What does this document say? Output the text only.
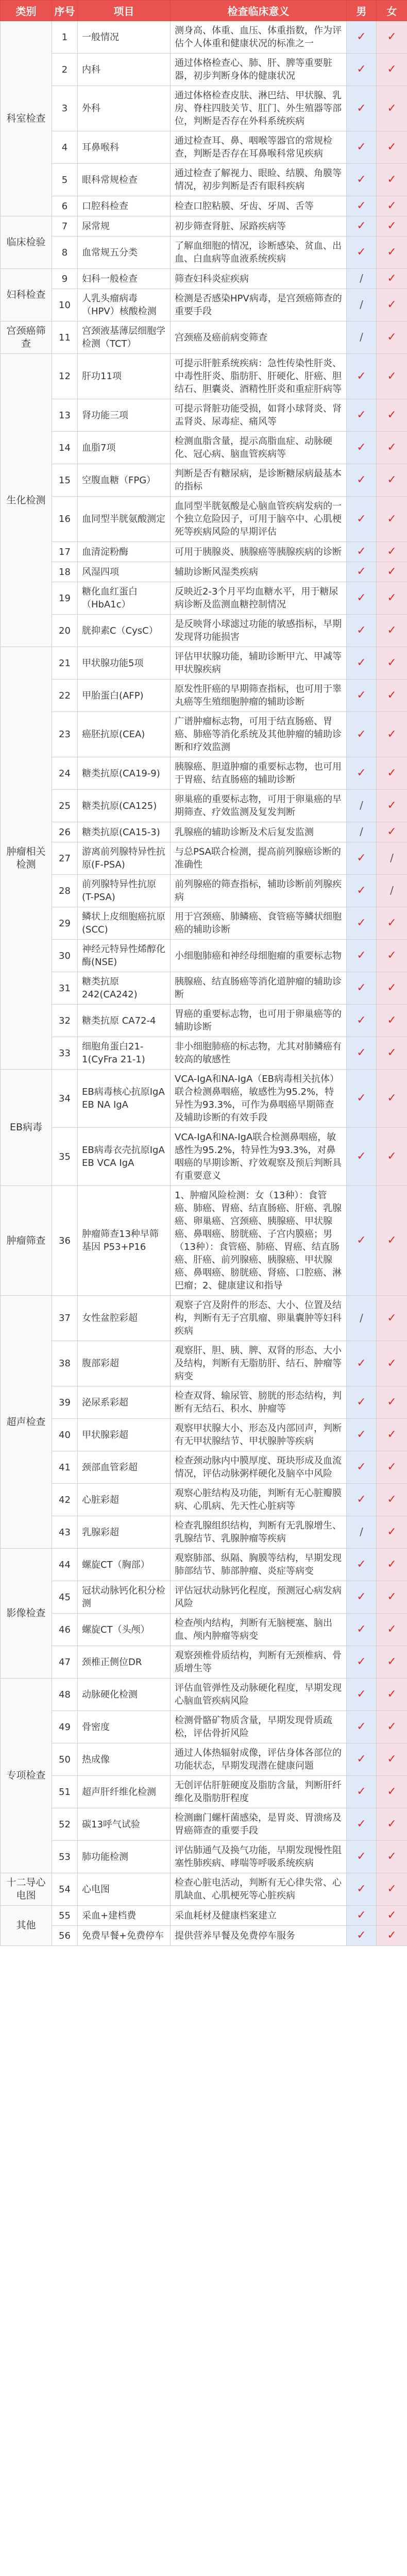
类别	序号	项目	检查临床意义	男	女
科室检查	1	一般情况	测身高、体重、血压、体重指数，作为评估个人体重和健康状况的标准之一	✓	✓
	2	内科	通过体格检查心、肺、肝、脾等重要脏器，初步判断身体的健康状况	✓	✓
	3	外科	通过体格检查皮肤、淋巴结、甲状腺、乳房、脊柱四肢关节、肛门、外生殖器等部位，判断是否存在外科系统疾病	✓	✓
	4	耳鼻喉科	通过检查耳、鼻、咽喉等器官的常规检查，判断是否存在耳鼻喉科常见疾病	✓	✓
	5	眼科常规检查	通过检查了解视力、眼睑、结膜、角膜等情况，初步判断是否有眼科疾病	✓	✓
	6	口腔科检查	检查口腔粘膜、牙齿、牙周、舌等	✓	✓
临床检验	7	尿常规	初步筛查肾脏、尿路疾病等	✓	✓
	8	血常规五分类	了解血细胞的情况，诊断感染、贫血、出血、白血病等血液系统疾病	✓	✓
妇科检查	9	妇科一般检查	筛查妇科炎症疾病	/	✓
	10	人乳头瘤病毒（HPV）核酸检测	检测是否感染HPV病毒，是宫颈癌筛查的重要手段	/	✓
宫颈癌筛查	11	宫颈液基薄层细胞学检测（TCT）	宫颈癌及癌前病变筛查	/	✓
生化检测	12	肝功11项	可提示肝脏系统疾病：急性传染性肝炎、中毒性肝炎、脂肪肝、肝硬化、肝癌、胆结石、胆囊炎、酒精性肝炎和重症肝病等	✓	✓
	13	肾功能三项	可提示肾脏功能受损，如肾小球肾炎、肾盂肾炎、尿毒症、痛风等	✓	✓
	14	血脂7项	检测血脂含量，提示高脂血症、动脉硬化、冠心病、脑血管疾病等	✓	✓
	15	空腹血糖（FPG）	判断是否有糖尿病，是诊断糖尿病最基本的指标	✓	✓
	16	血同型半胱氨酸测定	血同型半胱氨酸是心脑血管疾病发病的一个独立危险因子，可用于脑卒中、心肌梗死等疾病风险的早期评估	✓	✓
	17	血清淀粉酶	可用于胰腺炎、胰腺癌等胰腺疾病的诊断	✓	✓
	18	风湿四项	辅助诊断风湿类疾病	✓	✓
	19	糖化血红蛋白（HbA1c）	反映近2-3个月平均血糖水平，用于糖尿病诊断及监测血糖控制情况	✓	✓
	20	胱抑素C（CysC）	是反映肾小球滤过功能的敏感指标，早期发现肾功能损害	✓	✓
肿瘤相关检测	21	甲状腺功能5项	评估甲状腺功能，辅助诊断甲亢、甲减等甲状腺疾病	✓	✓
	22	甲胎蛋白(AFP)	原发性肝癌的早期筛查指标，也可用于睾丸癌等生殖细胞肿瘤的辅助诊断	✓	✓
	23	癌胚抗原(CEA)	广谱肿瘤标志物，可用于结直肠癌、胃癌、肺癌等消化系统及其他肿瘤的辅助诊断和疗效监测	✓	✓
	24	糖类抗原(CA19-9)	胰腺癌、胆道肿瘤的重要标志物，也可用于胃癌、结直肠癌的辅助诊断	✓	✓
	25	糖类抗原(CA125)	卵巢癌的重要标志物，可用于卵巢癌的早期筛查、疗效监测及复发判断	/	✓
	26	糖类抗原(CA15-3)	乳腺癌的辅助诊断及术后复发监测	/	✓
	27	游离前列腺特异性抗原(F-PSA)	与总PSA联合检测，提高前列腺癌诊断的准确性	✓	/
	28	前列腺特异性抗原(T-PSA)	前列腺癌的筛查指标，辅助诊断前列腺疾病	✓	/
	29	鳞状上皮细胞癌抗原(SCC)	用于宫颈癌、肺鳞癌、食管癌等鳞状细胞癌的辅助诊断	✓	✓
	30	神经元特异性烯醇化酶(NSE)	小细胞肺癌和神经母细胞瘤的重要标志物	✓	✓
	31	糖类抗原 242(CA242)	胰腺癌、结直肠癌等消化道肿瘤的辅助诊断	✓	✓
	32	糖类抗原 CA72-4	胃癌的重要标志物，也可用于卵巢癌等的辅助诊断	✓	✓
	33	细胞角蛋白21-1(CyFra 21-1)	非小细胞肺癌的标志物，尤其对肺鳞癌有较高的敏感性	✓	✓
EB病毒	34	EB病毒核心抗原IgA EB NA IgA	VCA-IgA和NA-IgA（EB病毒相关抗体）联合检测鼻咽癌，敏感性为95.2%，特异性为93.3%，可作为鼻咽癌早期筛查及辅助诊断的有效手段	✓	✓
	35	EB病毒衣壳抗原IgA EB VCA IgA	VCA-IgA和NA-IgA联合检测鼻咽癌，敏感性为95.2%，特异性为93.3%，对鼻咽癌的早期诊断、疗效观察及预后判断具有重要意义	✓	✓
肿瘤筛查	36	肿瘤筛查13种早筛基因 P53+P16	1、肿瘤风险检测：女（13种）：食管癌、肺癌、胃癌、结直肠癌、肝癌、乳腺癌、卵巢癌、宫颈癌、胰腺癌、甲状腺癌、鼻咽癌、膀胱癌、子宫内膜癌；男（13种）：食管癌、肺癌、胃癌、结直肠癌、肝癌、前列腺癌、胰腺癌、甲状腺癌、鼻咽癌、膀胱癌、肾癌、口腔癌、淋巴瘤；2、健康建议和指导	✓	✓
超声检查	37	女性盆腔彩超	观察子宫及附件的形态、大小、位置及结构，判断有无子宫肌瘤、卵巢囊肿等妇科疾病	/	✓
	38	腹部彩超	观察肝、胆、胰、脾、双肾的形态、大小及结构，判断有无脂肪肝、结石、肿瘤等病变	✓	✓
	39	泌尿系彩超	检查双肾、输尿管、膀胱的形态结构，判断有无结石、积水、肿瘤等	✓	✓
	40	甲状腺彩超	观察甲状腺大小、形态及内部回声，判断有无甲状腺结节、甲状腺肿等疾病	✓	✓
	41	颈部血管彩超	检查颈动脉内中膜厚度、斑块形成及血流情况，评估动脉粥样硬化及脑卒中风险	✓	✓
	42	心脏彩超	观察心脏结构及功能，判断有无心脏瓣膜病、心肌病、先天性心脏病等	✓	✓
	43	乳腺彩超	检查乳腺组织结构，判断有无乳腺增生、乳腺结节、乳腺肿瘤等疾病	/	✓
影像检查	44	螺旋CT（胸部）	观察肺部、纵隔、胸膜等结构，早期发现肺部结节、肺部肿瘤、炎症等病变	✓	✓
	45	冠状动脉钙化积分检测	评估冠状动脉钙化程度，预测冠心病发病风险	✓	✓
	46	螺旋CT（头颅）	检查颅内结构，判断有无脑梗塞、脑出血、颅内肿瘤等病变	✓	✓
	47	颈椎正侧位DR	观察颈椎骨质结构，判断有无颈椎病、骨质增生等	✓	✓
专项检查	48	动脉硬化检测	评估血管弹性及动脉硬化程度，早期发现心脑血管疾病风险	✓	✓
	49	骨密度	检测骨骼矿物质含量，早期发现骨质疏松，评估骨折风险	✓	✓
	50	热成像	通过人体热辐射成像，评估身体各部位的功能状态，早期发现潜在健康问题	✓	✓
	51	超声肝纤维化检测	无创评估肝脏硬度及脂肪含量，判断肝纤维化及脂肪肝程度	✓	✓
	52	碳13呼气试验	检测幽门螺杆菌感染，是胃炎、胃溃疡及胃癌筛查的重要手段	✓	✓
	53	肺功能检测	评估肺通气及换气功能，早期发现慢性阻塞性肺疾病、哮喘等呼吸系统疾病	✓	✓
十二导心电图	54	心电图	检查心脏电活动，判断有无心律失常、心肌缺血、心肌梗死等心脏疾病	✓	✓
其他	55	采血+建档费	采血耗材及健康档案建立	✓	✓
	56	免费早餐+免费停车	提供营养早餐及免费停车服务	✓	✓
